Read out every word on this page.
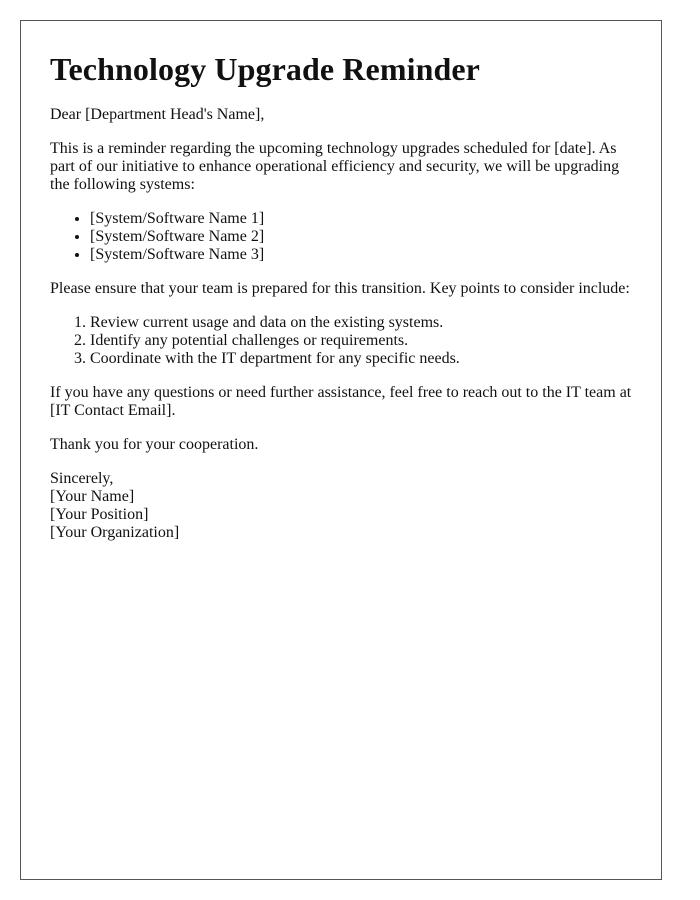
Technology Upgrade Reminder

Dear [Department Head's Name],

This is a reminder regarding the upcoming technology upgrades scheduled for [date]. As part of our initiative to enhance operational efficiency and security, we will be upgrading the following systems:

• [System/Software Name 1]
• [System/Software Name 2]
• [System/Software Name 3]

Please ensure that your team is prepared for this transition. Key points to consider include:

1. Review current usage and data on the existing systems.
2. Identify any potential challenges or requirements.
3. Coordinate with the IT department for any specific needs.

If you have any questions or need further assistance, feel free to reach out to the IT team at [IT Contact Email].

Thank you for your cooperation.

Sincerely,
[Your Name]
[Your Position]
[Your Organization]
